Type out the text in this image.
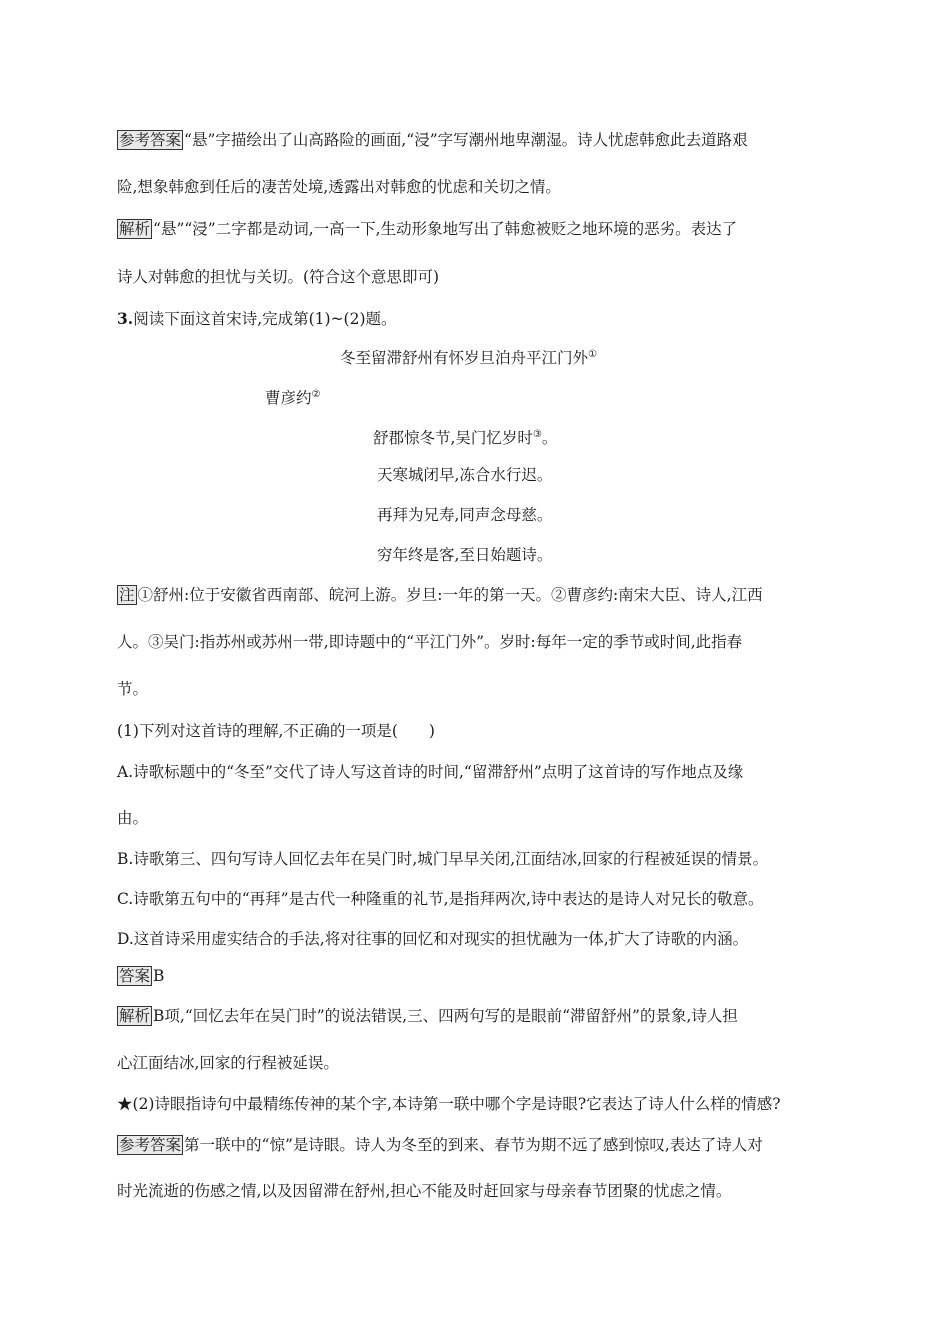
参考答案 “悬”字描绘出了山高路险的画面,“浸”字写潮州地卑潮湿。诗人忧虑韩愈此去道路艰
险,想象韩愈到任后的凄苦处境,透露出对韩愈的忧虑和关切之情。
解析 “悬”“浸”二字都是动词,一高一下,生动形象地写出了韩愈被贬之地环境的恶劣。表达了
诗人对韩愈的担忧与关切。(符合这个意思即可)
3.阅读下面这首宋诗,完成第(1)~(2)题。
冬至留滞舒州有怀岁旦泊舟平江门外①
曹彦约②
舒郡惊冬节,吴门忆岁时③。
天寒城闭早,冻合水行迟。
再拜为兄寿,同声念母慈。
穷年终是客,至日始题诗。
注 ①舒州:位于安徽省西南部、皖河上游。岁旦:一年的第一天。②曹彦约:南宋大臣、诗人,江西
人。③吴门:指苏州或苏州一带,即诗题中的“平江门外”。岁时:每年一定的季节或时间,此指春
节。
(1)下列对这首诗的理解,不正确的一项是(　　)
A.诗歌标题中的“冬至”交代了诗人写这首诗的时间,“留滞舒州”点明了这首诗的写作地点及缘
由。
B.诗歌第三、四句写诗人回忆去年在吴门时,城门早早关闭,江面结冰,回家的行程被延误的情景。
C.诗歌第五句中的“再拜”是古代一种隆重的礼节,是指拜两次,诗中表达的是诗人对兄长的敬意。
D.这首诗采用虚实结合的手法,将对往事的回忆和对现实的担忧融为一体,扩大了诗歌的内涵。
答案 B
解析 B项,“回忆去年在吴门时”的说法错误,三、四两句写的是眼前“滞留舒州”的景象,诗人担
心江面结冰,回家的行程被延误。
★(2)诗眼指诗句中最精练传神的某个字,本诗第一联中哪个字是诗眼?它表达了诗人什么样的情感?
参考答案 第一联中的“惊”是诗眼。诗人为冬至的到来、春节为期不远了感到惊叹,表达了诗人对
时光流逝的伤感之情,以及因留滞在舒州,担心不能及时赶回家与母亲春节团聚的忧虑之情。
